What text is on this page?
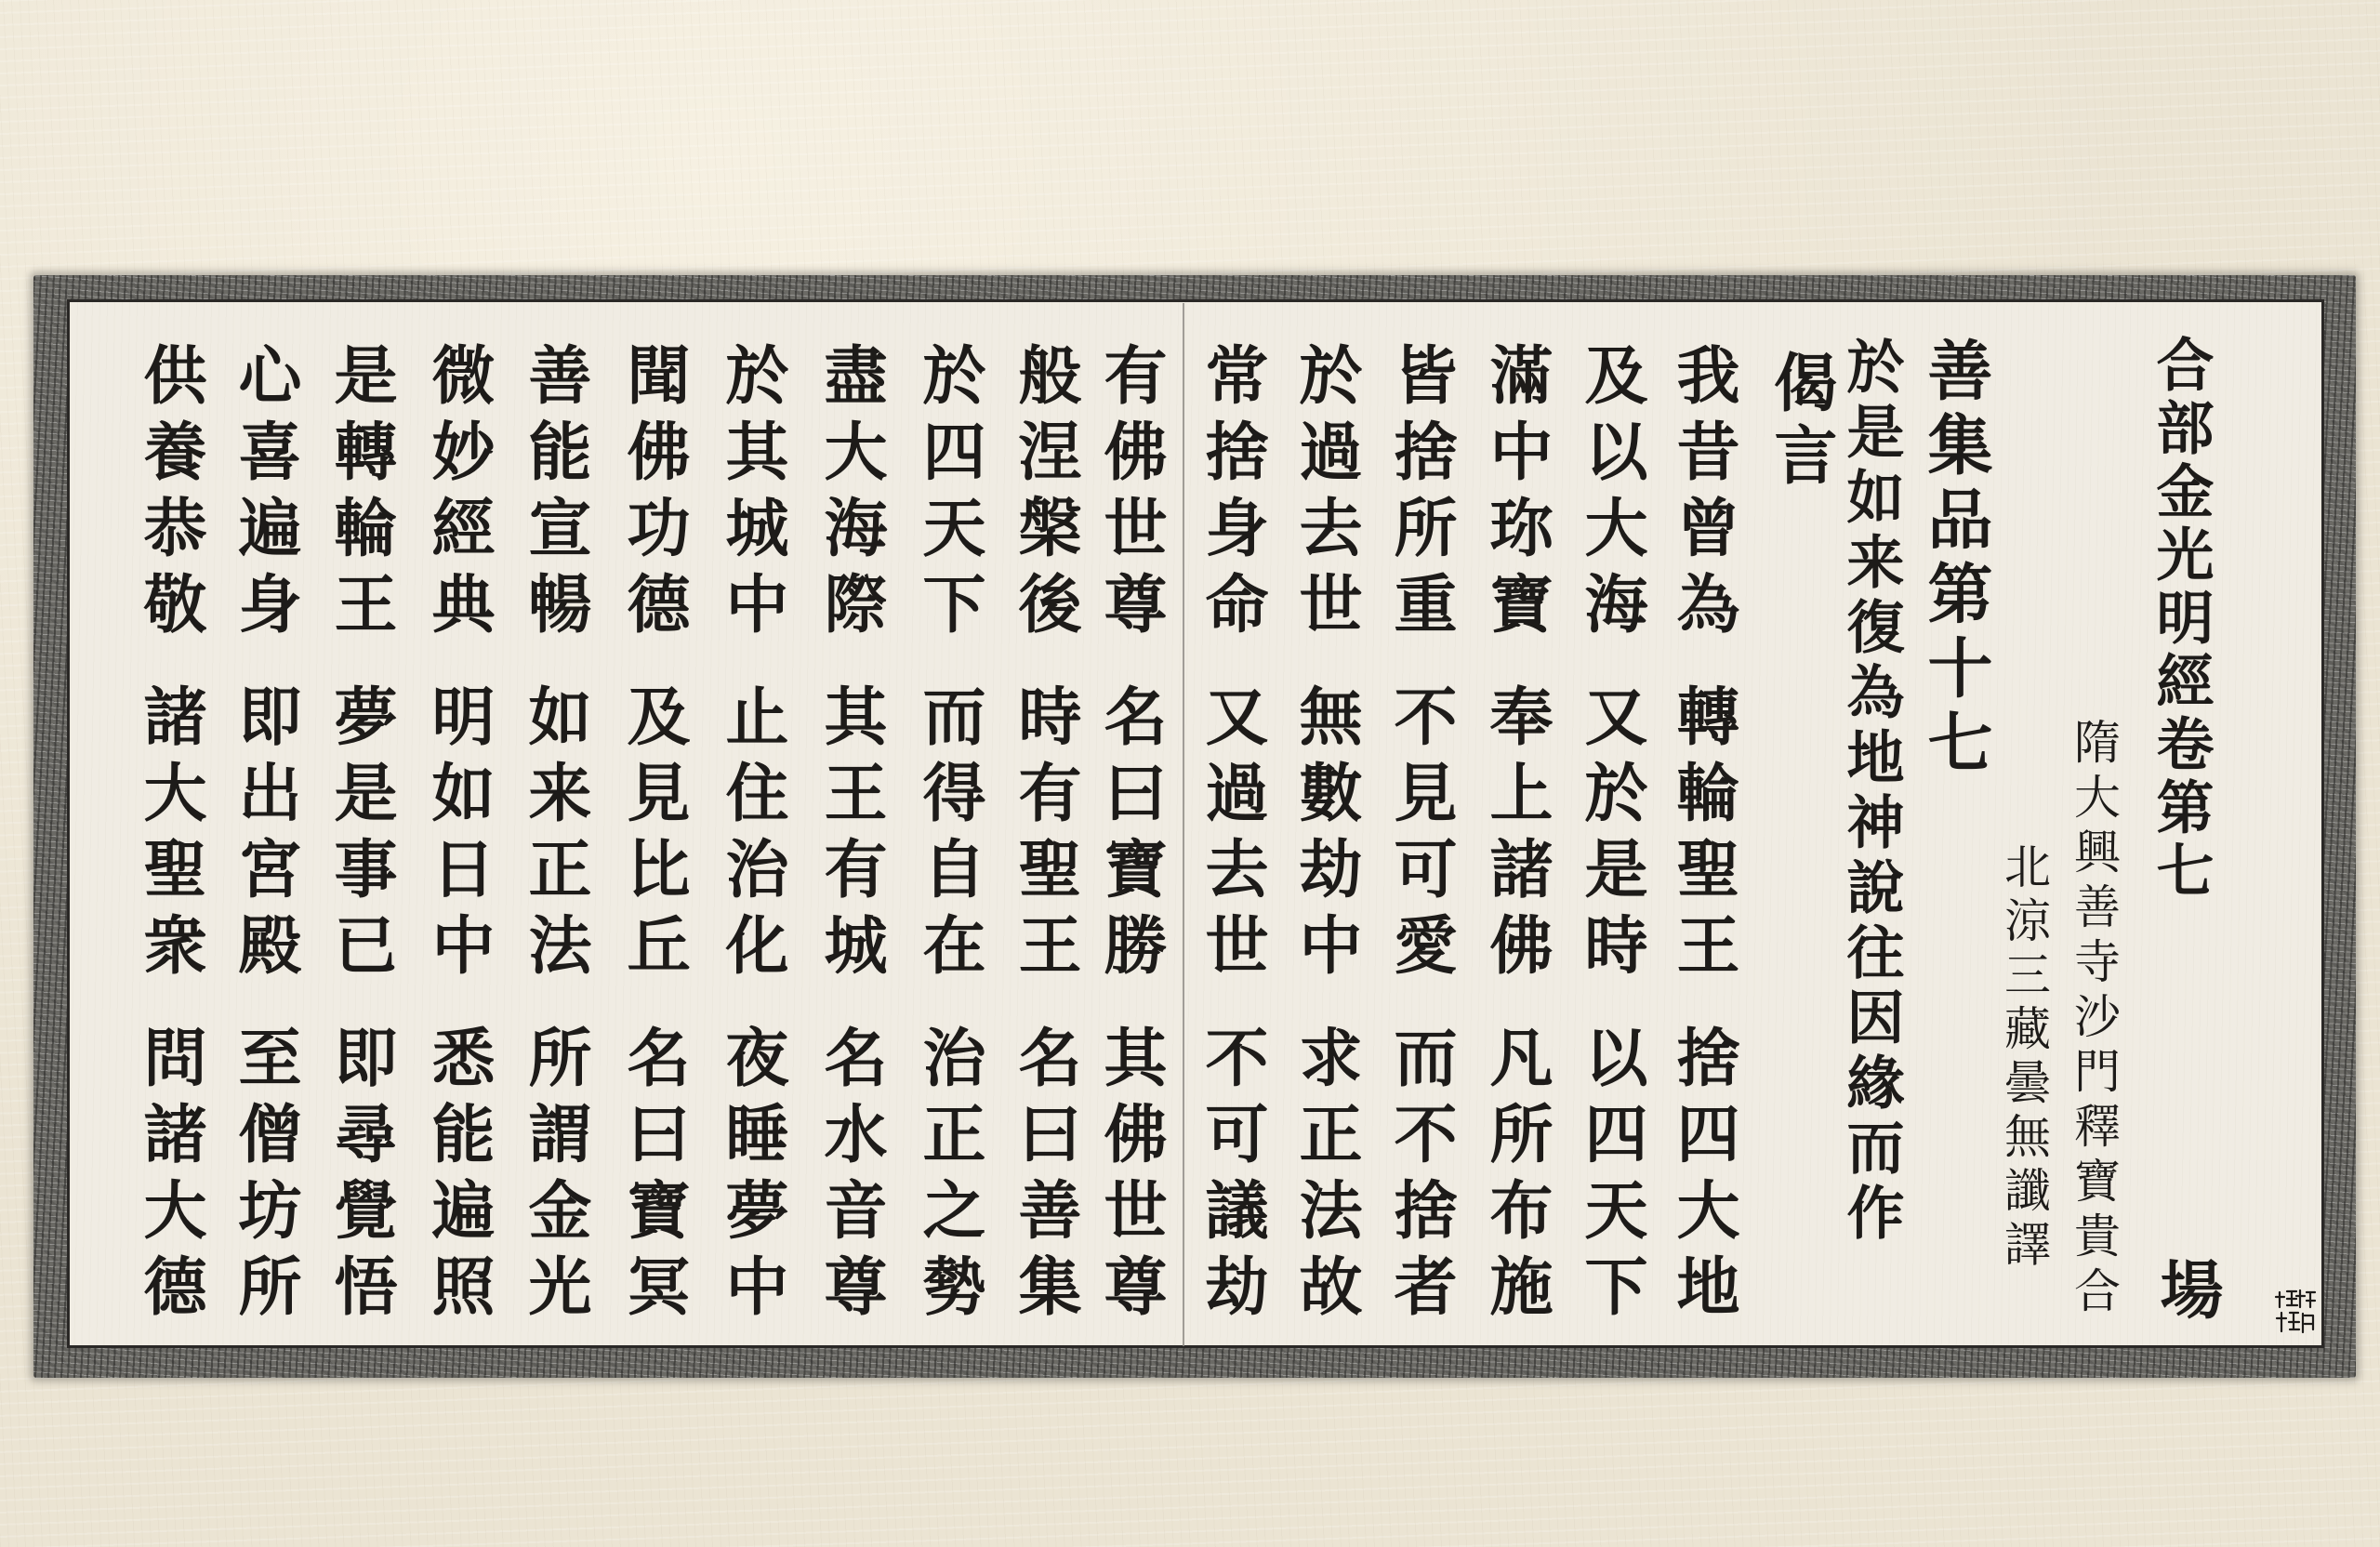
合部金光明經卷第七
場
隋大興善寺沙門釋寶貴合
北涼三藏曇無讖譯
善集品第十七
於是如来復為地神說往因緣而作
偈言
我昔曾為
轉輪聖王
捨四大地
及以大海
又於是時
以四天下
滿中珎寶
奉上諸佛
凡所布施
皆捨所重
不見可愛
而不捨者
於過去世
無數劫中
求正法故
常捨身命
又過去世
不可議劫
有佛世尊
名曰寶勝
其佛世尊
般涅槃後
時有聖王
名曰善集
於四天下
而得自在
治正之勢
盡大海際
其王有城
名水音尊
於其城中
止住治化
夜睡夢中
聞佛功德
及見比丘
名曰寶冥
善能宣暢
如来正法
所謂金光
微妙經典
明如日中
悉能遍照
是轉輪王
夢是事已
即尋覺悟
心喜遍身
即出宮殿
至僧坊所
供養恭敬
諸大聖衆
問諸大德
